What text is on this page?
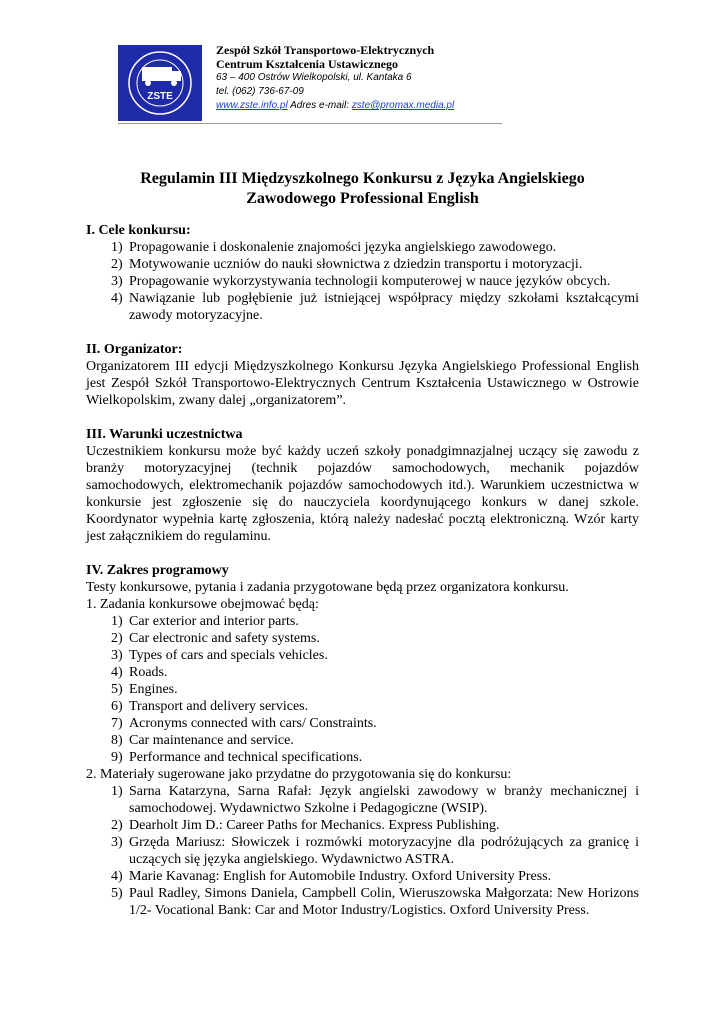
ZSTE
Zespół Szkół Transportowo-Elektrycznych
Centrum Kształcenia Ustawicznego
63 – 400 Ostrów Wielkopolski, ul. Kantaka 6
tel. (062) 736-67-09
www.zste.info.pl Adres e-mail: zste@promax.media.pl
Regulamin III Międzyszkolnego Konkursu z Języka Angielskiego
Zawodowego Professional English
I. Cele konkursu:
1) Propagowanie i doskonalenie znajomości języka angielskiego zawodowego.
2) Motywowanie uczniów do nauki słownictwa z dziedzin transportu i motoryzacji.
3) Propagowanie wykorzystywania technologii komputerowej w nauce języków obcych.
4) Nawiązanie lub pogłębienie już istniejącej współpracy między szkołami kształcącymi zawody motoryzacyjne.
II. Organizator:

Organizatorem III edycji Międzyszkolnego Konkursu Języka Angielskiego Professional English jest Zespół Szkół Transportowo-Elektrycznych Centrum Kształcenia Ustawicznego w Ostrowie Wielkopolskim, zwany dalej „organizatorem”.

III. Warunki uczestnictwa

Uczestnikiem konkursu może być każdy uczeń szkoły ponadgimnazjalnej uczący się zawodu z branży motoryzacyjnej (technik pojazdów samochodowych, mechanik pojazdów samochodowych, elektromechanik pojazdów samochodowych itd.). Warunkiem uczestnictwa w konkursie jest zgłoszenie się do nauczyciela koordynującego konkurs w danej szkole. Koordynator wypełnia kartę zgłoszenia, którą należy nadesłać pocztą elektroniczną. Wzór karty jest załącznikiem do regulaminu.

IV. Zakres programowy

Testy konkursowe, pytania i zadania przygotowane będą przez organizatora konkursu.

1. Zadania konkursowe obejmować będą:

1) Car exterior and interior parts.
2) Car electronic and safety systems.
3) Types of cars and specials vehicles.
4) Roads.
5) Engines.
6) Transport and delivery services.
7) Acronyms connected with cars/ Constraints.
8) Car maintenance and service.
9) Performance and technical specifications.

2. Materiały sugerowane jako przydatne do przygotowania się do konkursu:

1) Sarna Katarzyna, Sarna Rafał: Język angielski zawodowy w branży mechanicznej i samochodowej. Wydawnictwo Szkolne i Pedagogiczne (WSIP).
2) Dearholt Jim D.: Career Paths for Mechanics. Express Publishing.
3) Grzęda Mariusz: Słowiczek i rozmówki motoryzacyjne dla podróżujących za granicę i uczących się języka angielskiego. Wydawnictwo ASTRA.
4) Marie Kavanag: English for Automobile Industry. Oxford University Press.
5) Paul Radley, Simons Daniela, Campbell Colin, Wieruszowska Małgorzata: New Horizons 1/2- Vocational Bank: Car and Motor Industry/Logistics. Oxford University Press.
